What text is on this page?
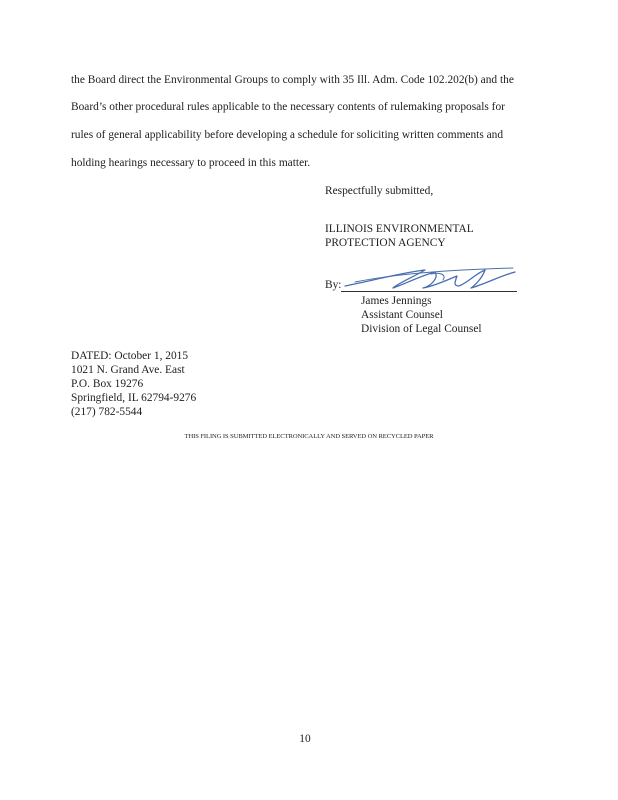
the Board direct the Environmental Groups to comply with 35 Ill. Adm. Code 102.202(b) and the
Board’s other procedural rules applicable to the necessary contents of rulemaking proposals for
rules of general applicability before developing a schedule for soliciting written comments and
holding hearings necessary to proceed in this matter.
Respectfully submitted,
ILLINOIS ENVIRONMENTAL
PROTECTION AGENCY
By:
James Jennings
Assistant Counsel
Division of Legal Counsel
DATED: October 1, 2015
1021 N. Grand Ave. East
P.O. Box 19276
Springfield, IL 62794-9276
(217) 782-5544
THIS FILING IS SUBMITTED ELECTRONICALLY AND SERVED ON RECYCLED PAPER
10
